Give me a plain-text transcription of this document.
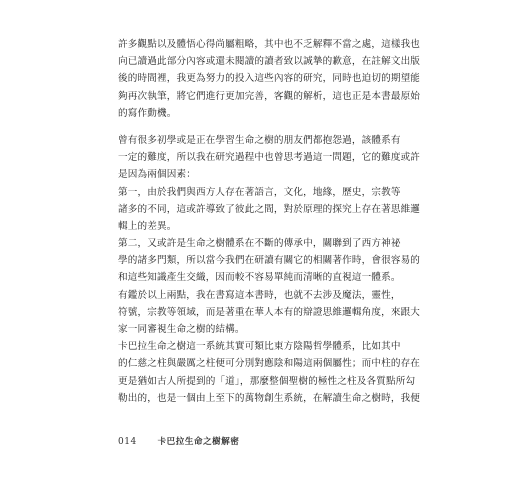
許多觀點以及體悟心得尚屬粗略，其中也不乏解釋不當之處，這樣我也
向已讀過此部分內容或還未閱讀的讀者致以誠摯的歉意，在註解文出版
後的時間裡，我更為努力的投入這些內容的研究，同時也迫切的期望能
夠再次執筆，將它們進行更加完善，客觀的解析，這也正是本書最原始
的寫作動機。
曾有很多初學或是正在學習生命之樹的朋友們都抱怨過，該體系有
一定的難度，所以我在研究過程中也曾思考過這一問題，它的難度或許
是因為兩個因素：
第一，由於我們與西方人存在著語言，文化，地緣，歷史，宗教等
諸多的不同，這或許導致了彼此之間，對於原理的探究上存在著思維邏
輯上的差異。
第二，又或許是生命之樹體系在不斷的傳承中，關聯到了西方神祕
學的諸多門類，所以當今我們在研讀有關它的相關著作時，會很容易的
和這些知識產生交織，因而較不容易單純而清晰的直視這一體系。
有鑑於以上兩點，我在書寫這本書時，也就不去涉及魔法，靈性，
符號，宗教等領域，而是著重在華人本有的辯證思維邏輯角度，來跟大
家一同審視生命之樹的結構。
卡巴拉生命之樹這一系統其實可類比東方陰陽哲學體系，比如其中
的仁慈之柱與嚴厲之柱便可分別對應陰和陽這兩個屬性；而中柱的存在
更是猶如古人所提到的「道」，那麼整個聖樹的極性之柱及各質點所勾
勒出的，也是一個由上至下的萬物創生系統，在解讀生命之樹時，我便
014 卡巴拉生命之樹解密
